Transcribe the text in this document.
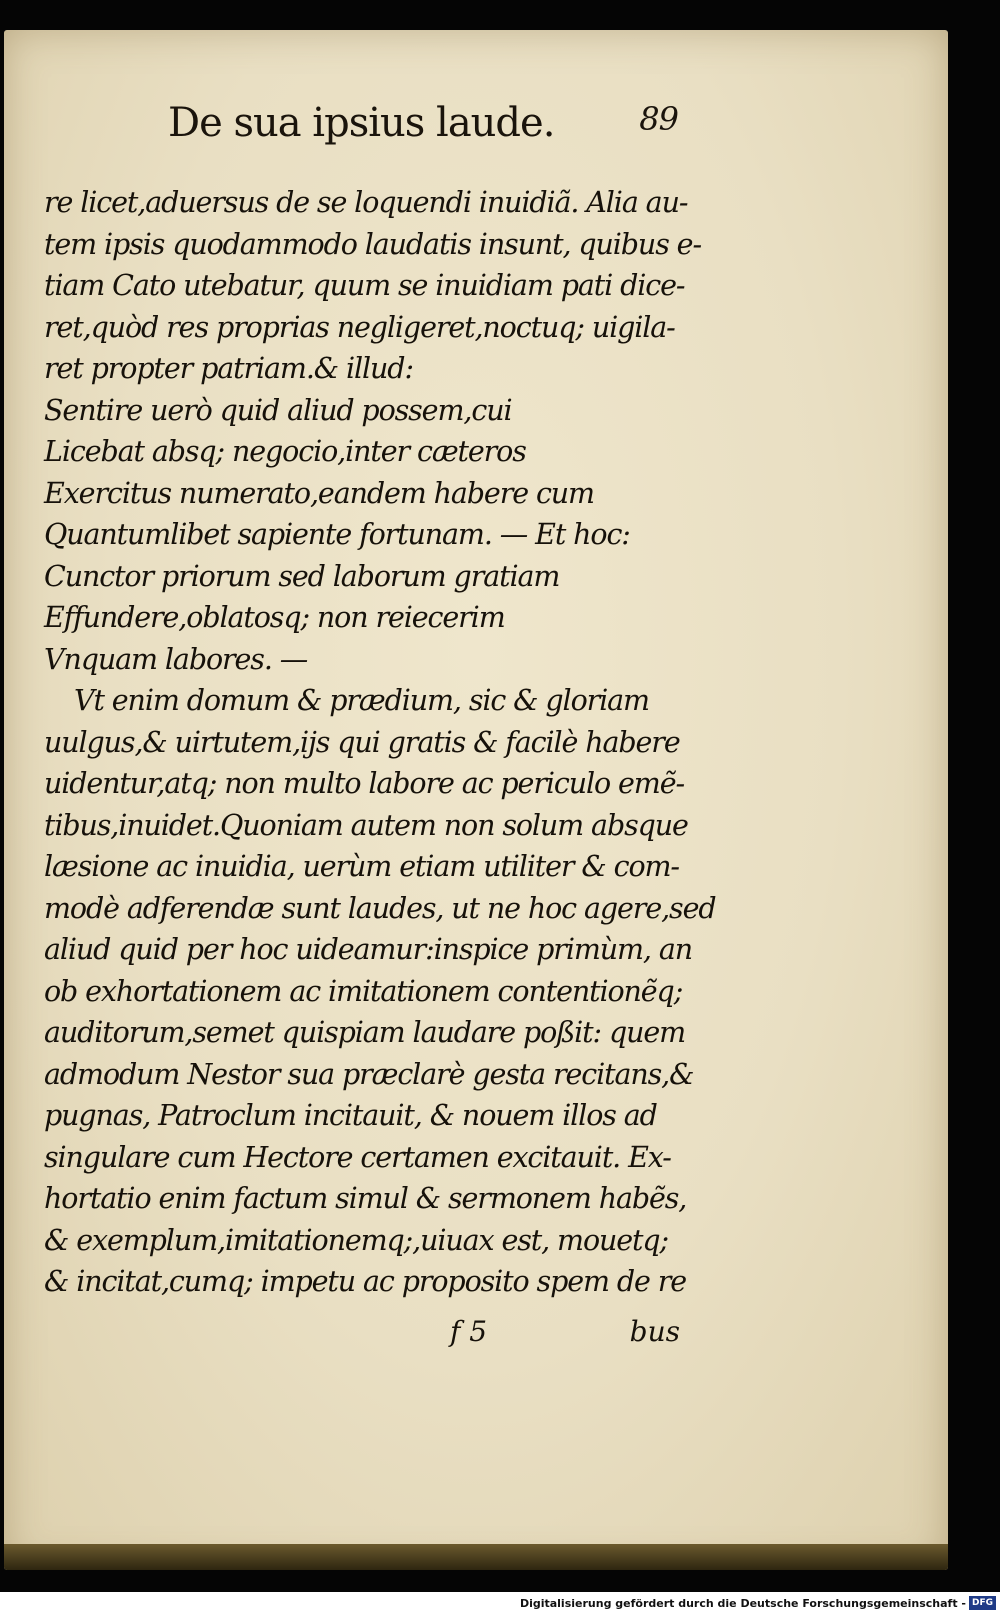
De sua ipsius laude.	89
re licet,aduersus de se loquendi inuidiã. Alia au-
tem ipsis quodammodo laudatis insunt, quibus e-
tiam Cato utebatur, quum se inuidiam pati dice-
ret,quòd res proprias negligeret,noctuq; uigila-
ret propter patriam.& illud:
Sentire uerò quid aliud possem,cui
Licebat absq; negocio,inter cæteros
Exercitus numerato,eandem habere cum
Quantumlibet sapiente fortunam. — Et hoc:
Cunctor priorum sed laborum gratiam
Effundere,oblatosq; non reiecerim
Vnquam labores. —
Vt enim domum & prædium, sic & gloriam
uulgus,& uirtutem,ijs qui gratis & facilè habere
uidentur,atq; non multo labore ac periculo emẽ-
tibus,inuidet.Quoniam autem non solum absque
læsione ac inuidia, uerùm etiam utiliter & com-
modè adferendæ sunt laudes, ut ne hoc agere,sed
aliud quid per hoc uideamur:inspice primùm, an
ob exhortationem ac imitationem contentionẽq;
auditorum,semet quispiam laudare poßit: quem
admodum Nestor sua præclarè gesta recitans,&
pugnas, Patroclum incitauit, & nouem illos ad
singulare cum Hectore certamen excitauit. Ex-
hortatio enim factum simul & sermonem habẽs,
& exemplum,imitationemq;,uiuax est, mouetq;
& incitat,cumq; impetu ac proposito spem de re
f 5	bus
Digitalisierung gefördert durch die Deutsche Forschungsgemeinschaft - DFG
